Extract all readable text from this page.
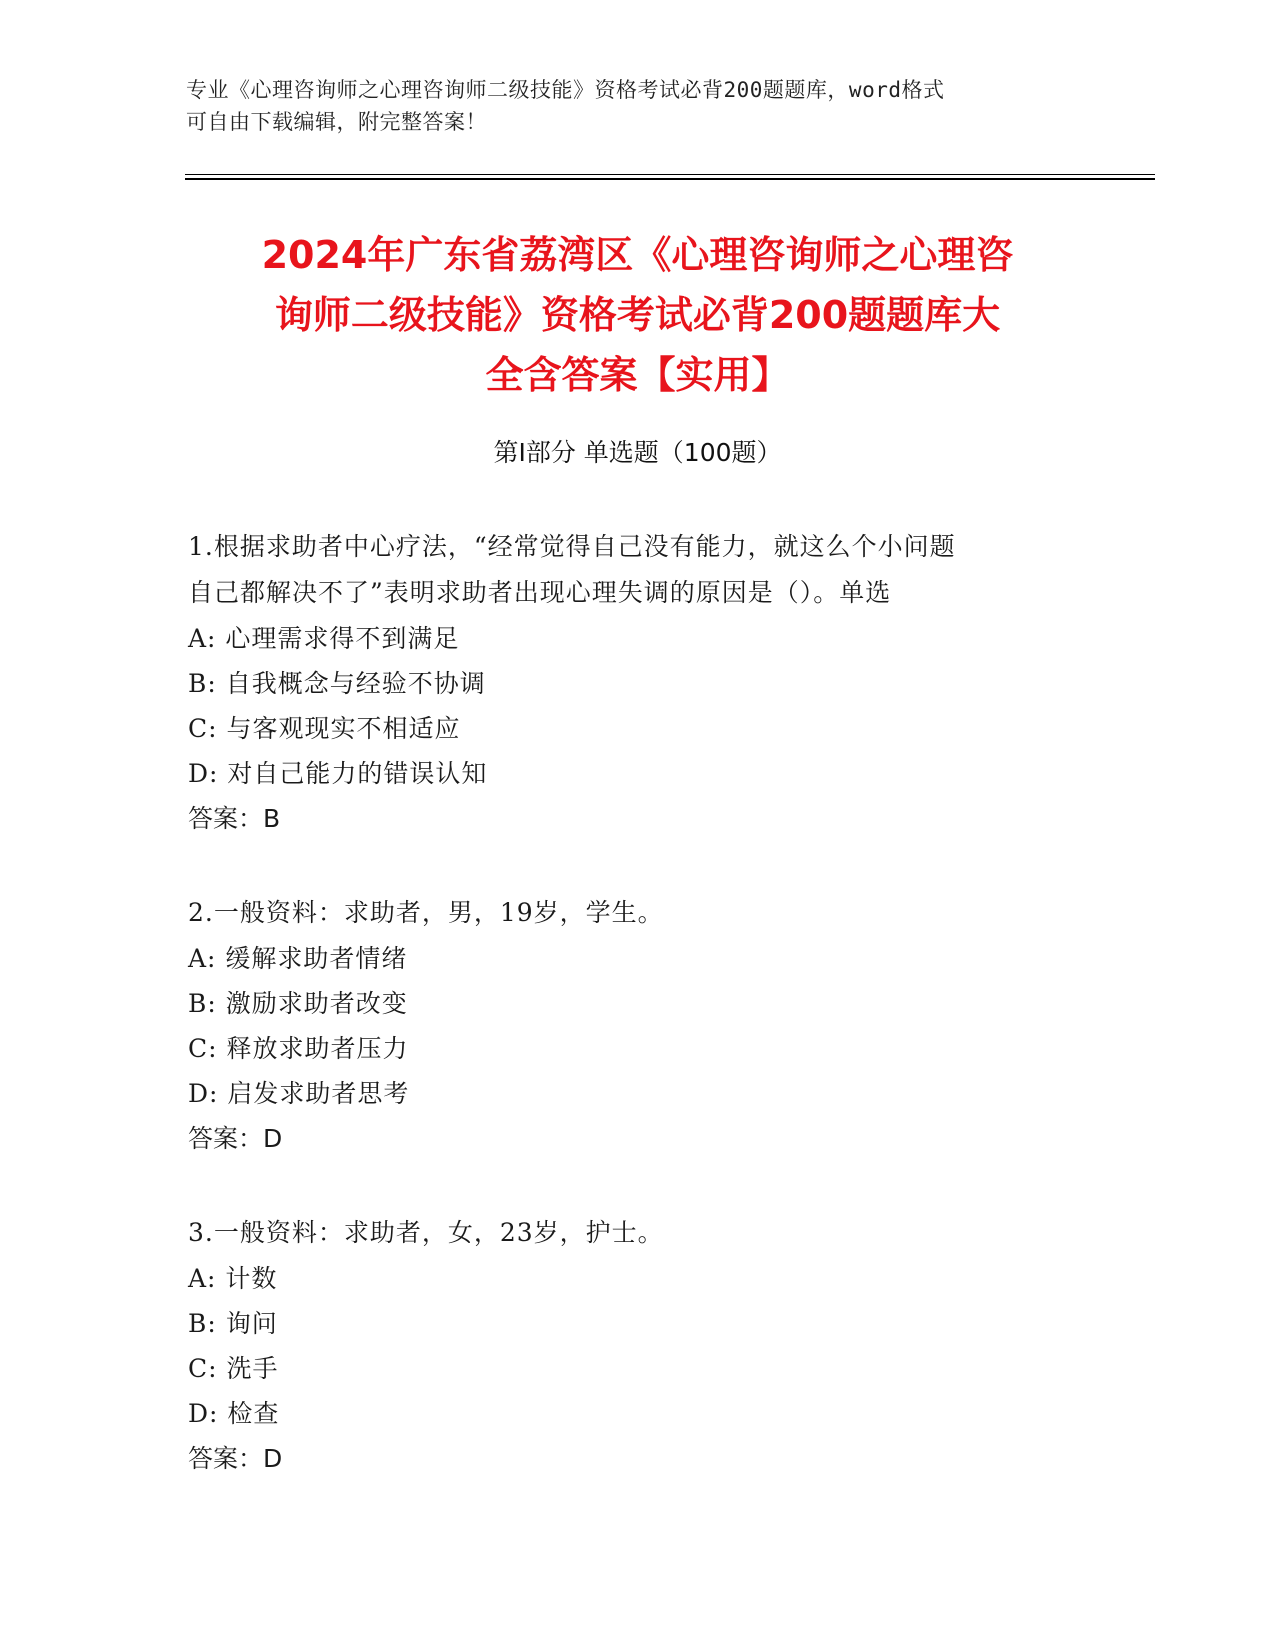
专业《心理咨询师之心理咨询师二级技能》资格考试必背200题题库，word格式
可自由下载编辑，附完整答案！
2024年广东省荔湾区《心理咨询师之心理咨
询师二级技能》资格考试必背200题题库大
全含答案【实用】
第Ⅰ部分 单选题（100题）

1.根据求助者中心疗法，“经常觉得自己没有能力，就这么个小问题

自己都解决不了”表明求助者出现心理失调的原因是（）。单选

A: 心理需求得不到满足

B: 自我概念与经验不协调

C: 与客观现实不相适应

D: 对自己能力的错误认知

答案：B

2.一般资料：求助者，男，19岁，学生。

A: 缓解求助者情绪

B: 激励求助者改变

C: 释放求助者压力

D: 启发求助者思考

答案：D

3.一般资料：求助者，女，23岁，护士。

A: 计数

B: 询问

C: 洗手

D: 检查

答案：D
